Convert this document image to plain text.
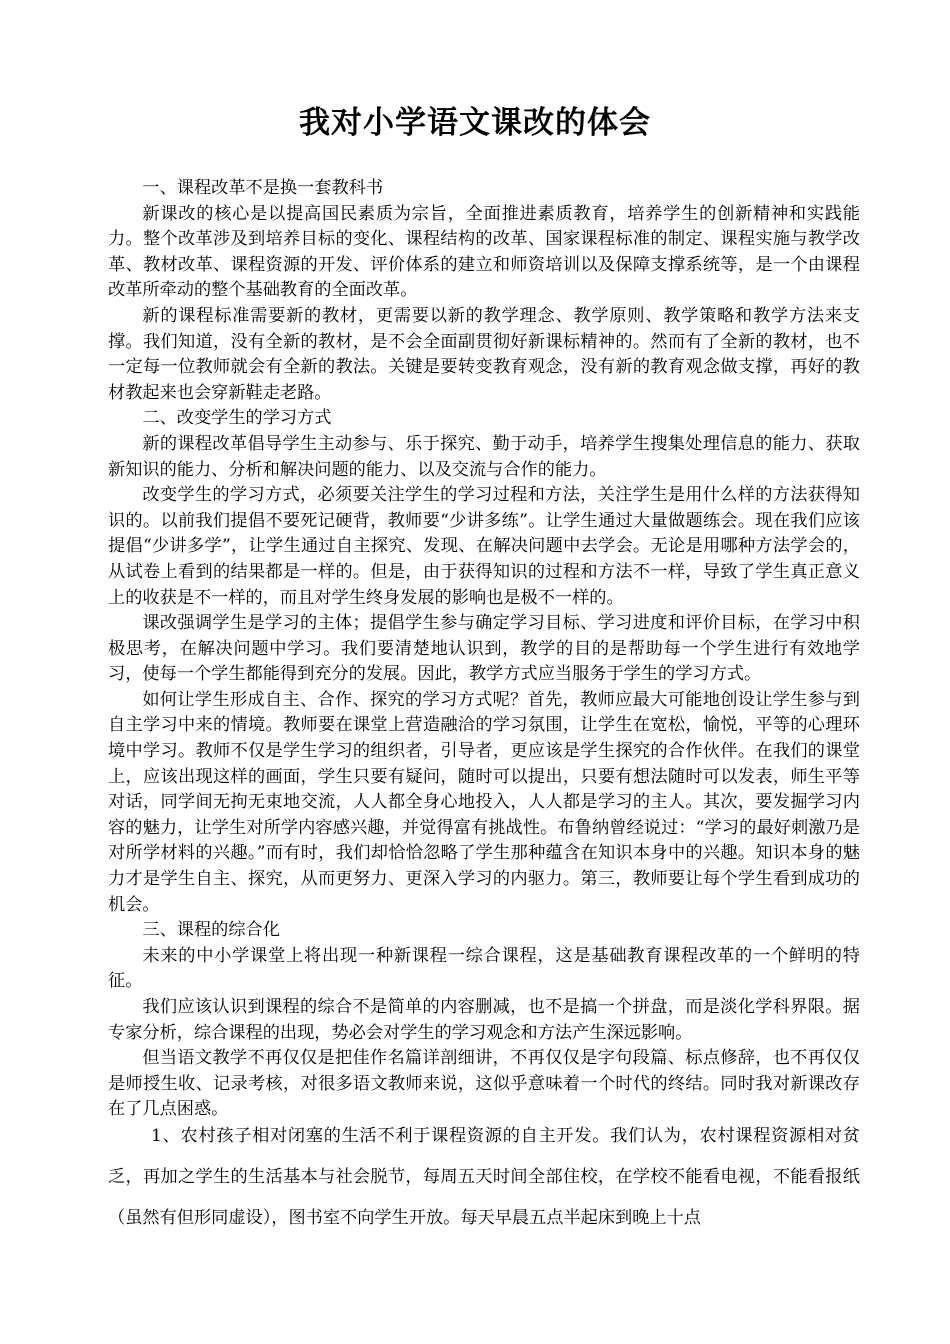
我对小学语文课改的体会

一、课程改革不是换一套教科书

新课改的核心是以提高国民素质为宗旨，全面推进素质教育，培养学生的创新精神和实践能力。整个改革涉及到培养目标的变化、课程结构的改革、国家课程标准的制定、课程实施与教学改革、教材改革、课程资源的开发、评价体系的建立和师资培训以及保障支撑系统等，是一个由课程改革所牵动的整个基础教育的全面改革。

新的课程标准需要新的教材，更需要以新的教学理念、教学原则、教学策略和教学方法来支撑。我们知道，没有全新的教材，是不会全面副贯彻好新课标精神的。然而有了全新的教材，也不一定每一位教师就会有全新的教法。关键是要转变教育观念，没有新的教育观念做支撑，再好的教材教起来也会穿新鞋走老路。

二、改变学生的学习方式

新的课程改革倡导学生主动参与、乐于探究、勤于动手，培养学生搜集处理信息的能力、获取新知识的能力、分析和解决问题的能力、以及交流与合作的能力。

改变学生的学习方式，必须要关注学生的学习过程和方法，关注学生是用什么样的方法获得知识的。以前我们提倡不要死记硬背，教师要“少讲多练”。让学生通过大量做题练会。现在我们应该提倡“少讲多学”，让学生通过自主探究、发现、在解决问题中去学会。无论是用哪种方法学会的，从试卷上看到的结果都是一样的。但是，由于获得知识的过程和方法不一样，导致了学生真正意义上的收获是不一样的，而且对学生终身发展的影响也是极不一样的。

课改强调学生是学习的主体；提倡学生参与确定学习目标、学习进度和评价目标，在学习中积极思考，在解决问题中学习。我们要清楚地认识到，教学的目的是帮助每一个学生进行有效地学习，使每一个学生都能得到充分的发展。因此，教学方式应当服务于学生的学习方式。

如何让学生形成自主、合作、探究的学习方式呢？首先，教师应最大可能地创设让学生参与到自主学习中来的情境。教师要在课堂上营造融洽的学习氛围，让学生在宽松，愉悦，平等的心理环境中学习。教师不仅是学生学习的组织者，引导者，更应该是学生探究的合作伙伴。在我们的课堂上，应该出现这样的画面，学生只要有疑问，随时可以提出，只要有想法随时可以发表，师生平等对话，同学间无拘无束地交流，人人都全身心地投入，人人都是学习的主人。其次，要发掘学习内容的魅力，让学生对所学内容感兴趣，并觉得富有挑战性。布鲁纳曾经说过：“学习的最好刺激乃是对所学材料的兴趣。”而有时，我们却恰恰忽略了学生那种蕴含在知识本身中的兴趣。知识本身的魅力才是学生自主、探究，从而更努力、更深入学习的内驱力。第三，教师要让每个学生看到成功的机会。

三、课程的综合化

未来的中小学课堂上将出现一种新课程一综合课程，这是基础教育课程改革的一个鲜明的特征。

我们应该认识到课程的综合不是简单的内容删减，也不是搞一个拼盘，而是淡化学科界限。据专家分析，综合课程的出现，势必会对学生的学习观念和方法产生深远影响。

但当语文教学不再仅仅是把佳作名篇详剖细讲，不再仅仅是字句段篇、标点修辞，也不再仅仅是师授生收、记录考核，对很多语文教师来说，这似乎意味着一个时代的终结。同时我对新课改存在了几点困惑。

1、农村孩子相对闭塞的生活不利于课程资源的自主开发。我们认为，农村课程资源相对贫乏，再加之学生的生活基本与社会脱节，每周五天时间全部住校，在学校不能看电视，不能看报纸（虽然有但形同虚设），图书室不向学生开放。每天早晨五点半起床到晚上十点
